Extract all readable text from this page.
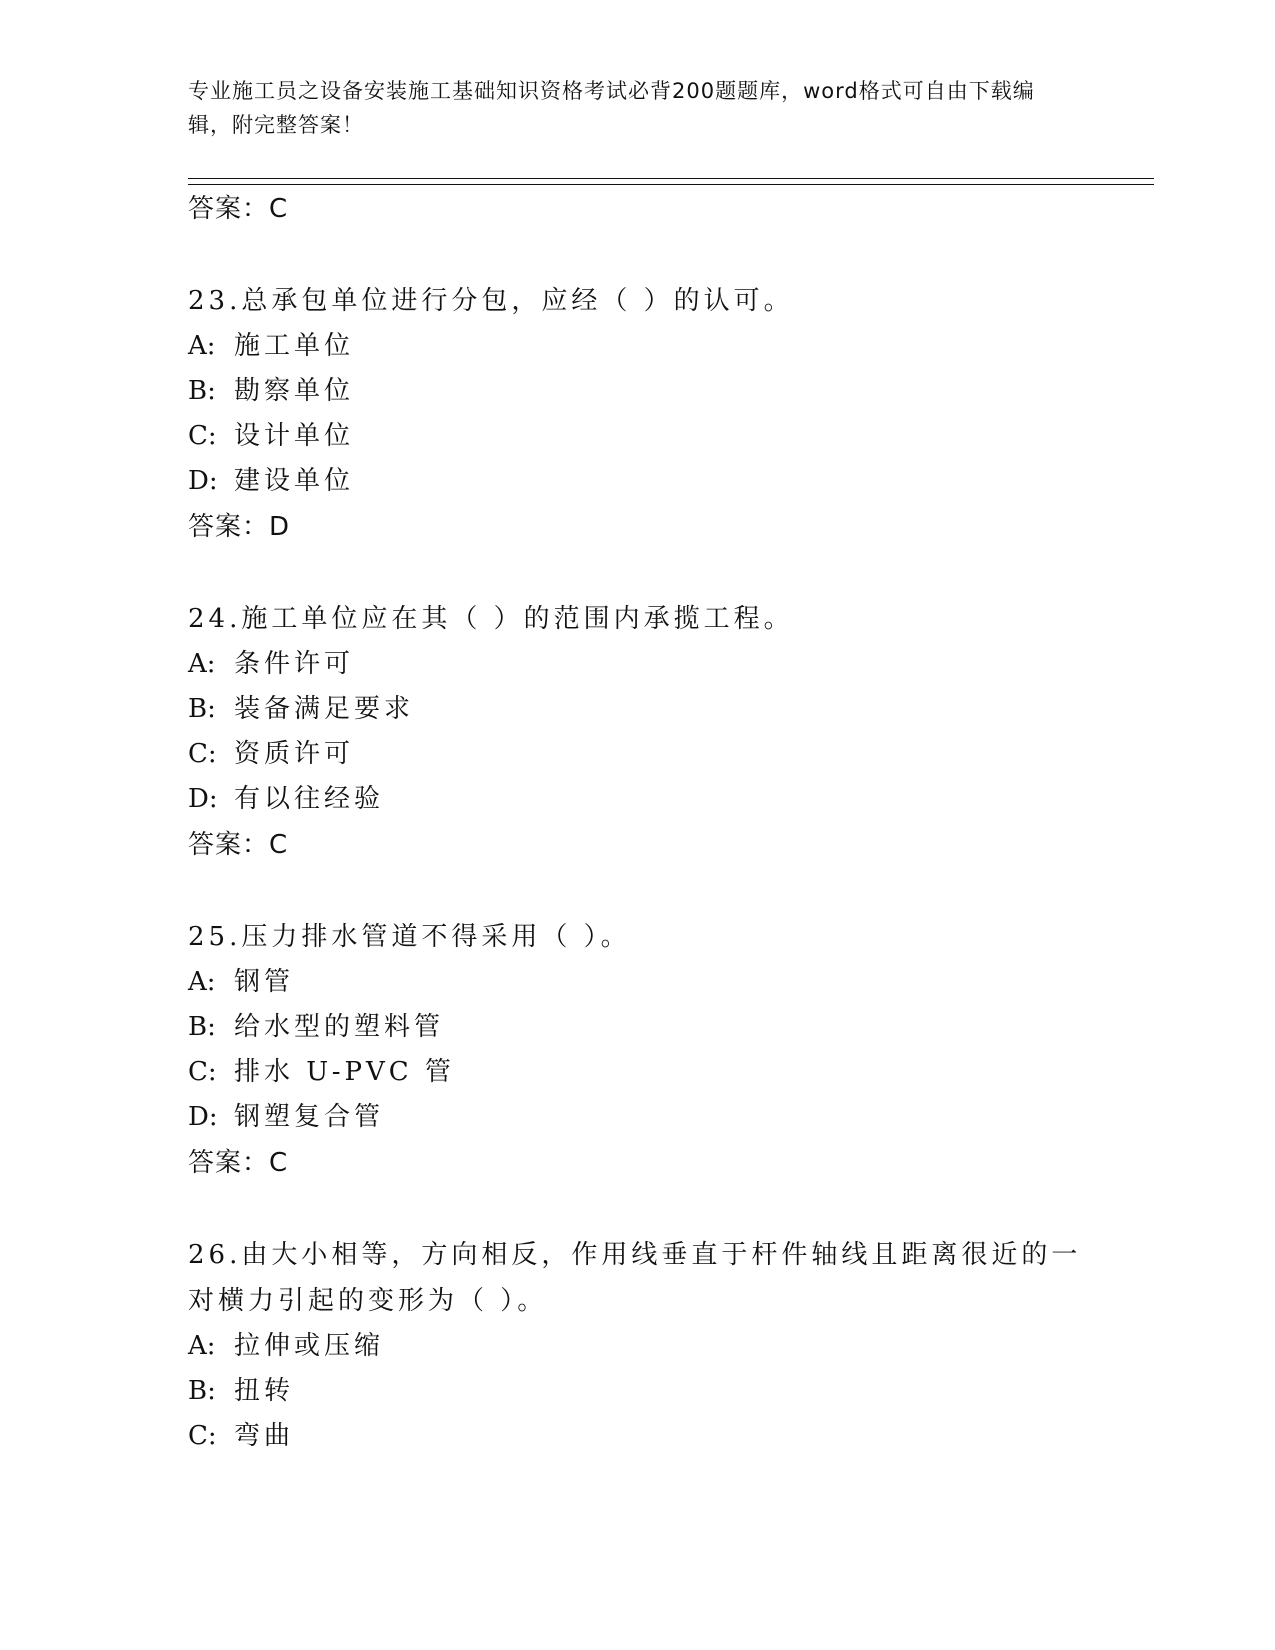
专业施工员之设备安装施工基础知识资格考试必背200题题库，word格式可自由下载编辑，附完整答案！
答案：C
23.总承包单位进行分包，应经（ ）的认可。
A: 施工单位
B: 勘察单位
C: 设计单位
D: 建设单位
答案：D
24.施工单位应在其（ ）的范围内承揽工程。
A: 条件许可
B: 装备满足要求
C: 资质许可
D: 有以往经验
答案：C
25.压力排水管道不得采用（ ）。
A: 钢管
B: 给水型的塑料管
C: 排水 U-PVC 管
D: 钢塑复合管
答案：C
26.由大小相等，方向相反，作用线垂直于杆件轴线且距离很近的一对横力引起的变形为（ ）。
A: 拉伸或压缩
B: 扭转
C: 弯曲
